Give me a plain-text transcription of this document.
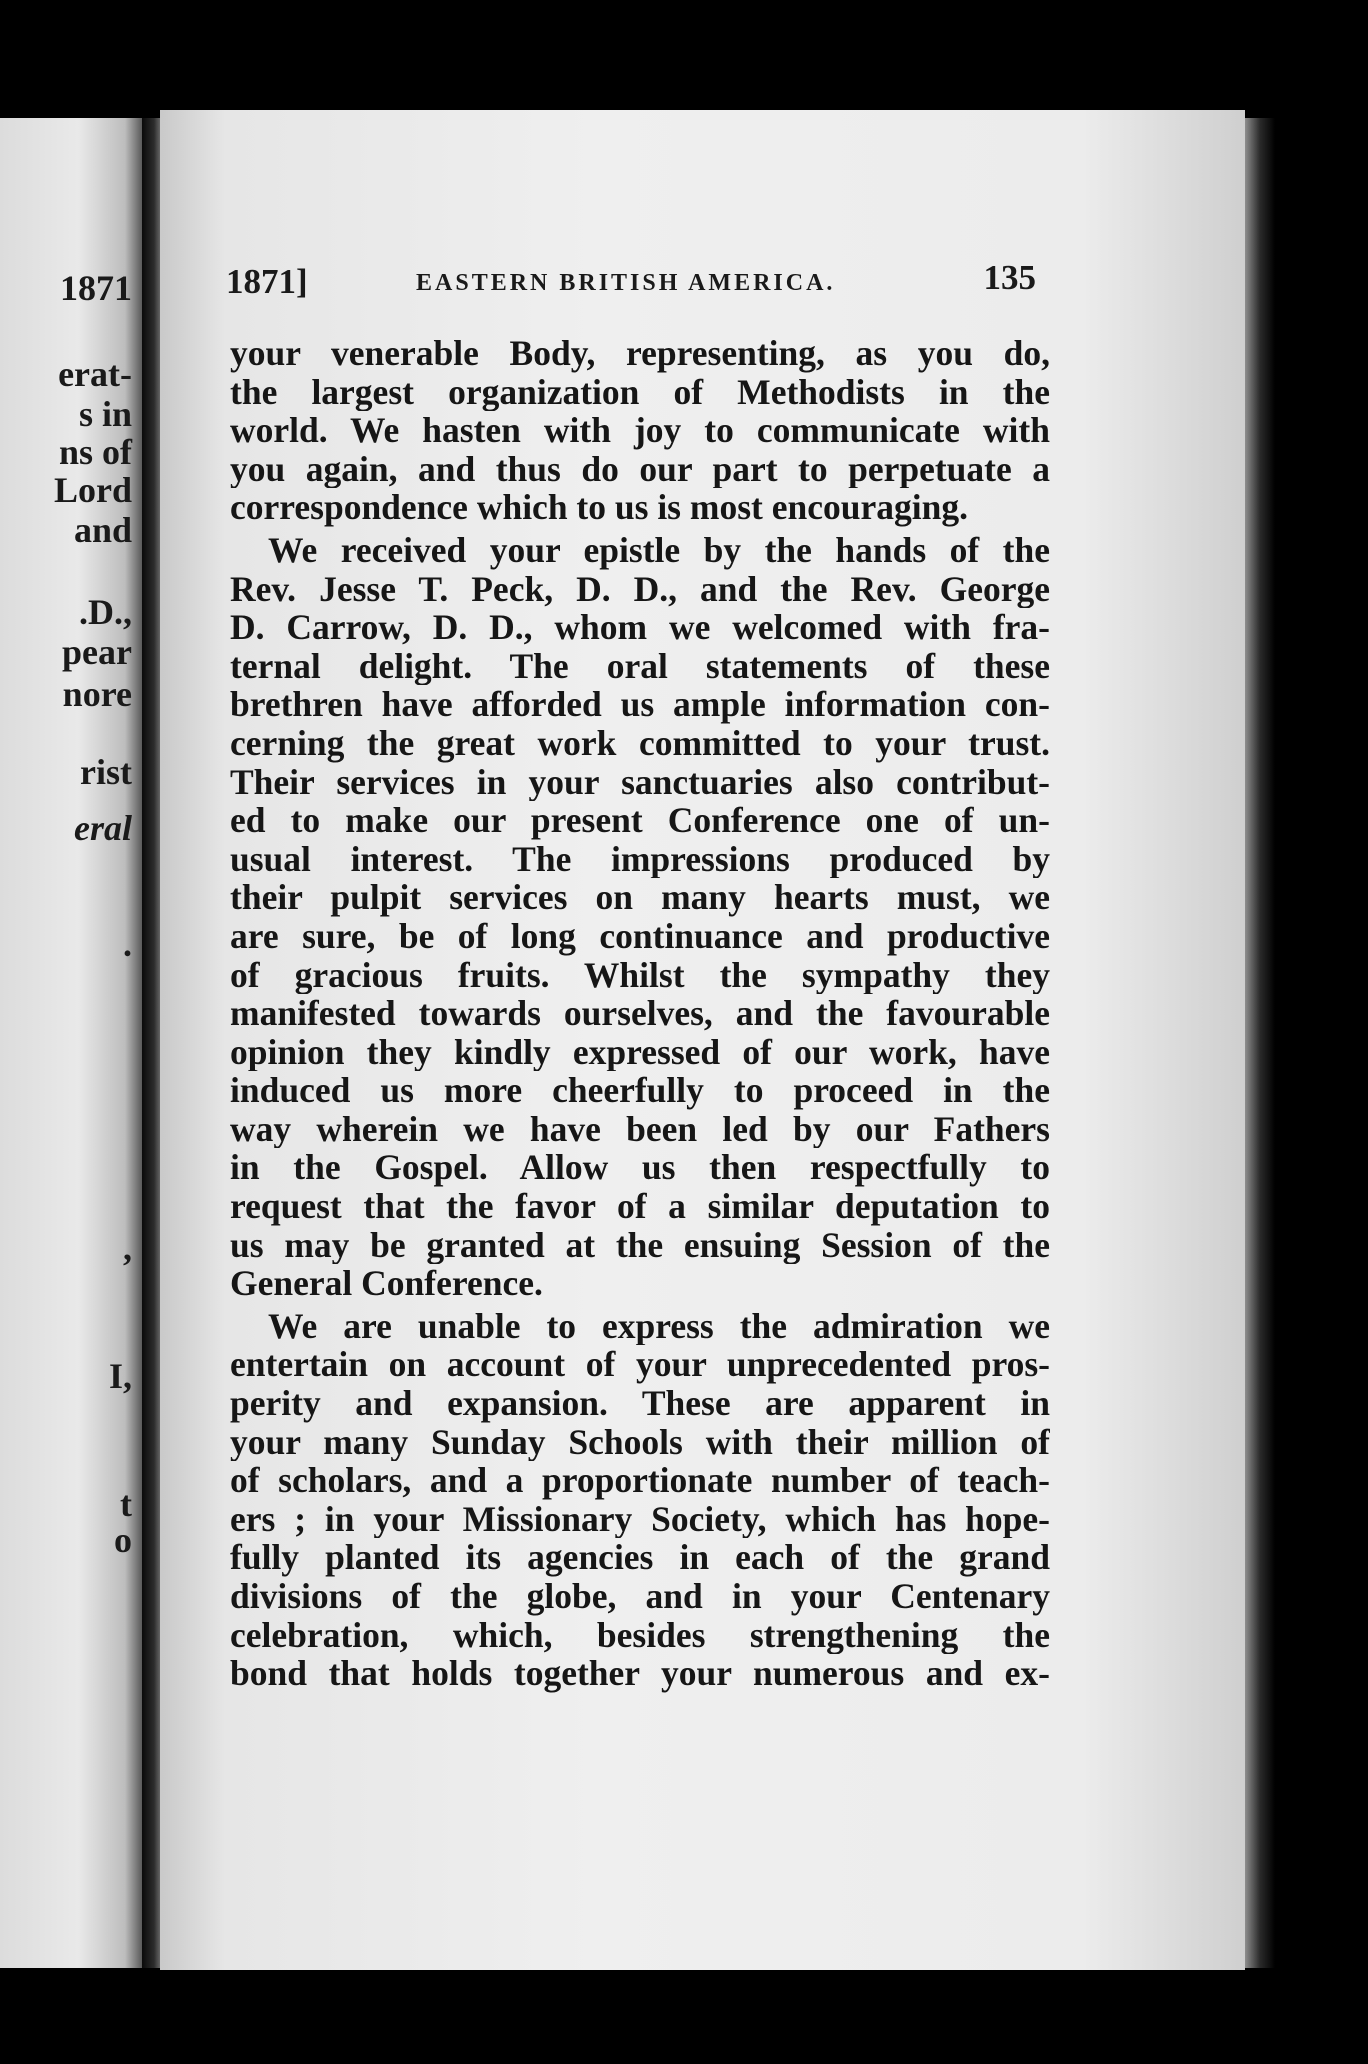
1871
erat-
s in
ns of
Lord
and
.D.,
pear
nore
rist
eral
.
,
I,
t
o
1871]	EASTERN BRITISH AMERICA.	135
your venerable Body, representing, as you do,
the largest organization of Methodists in the
world. We hasten with joy to communicate with
you again, and thus do our part to perpetuate a
correspondence which to us is most encouraging.
We received your epistle by the hands of the
Rev. Jesse T. Peck, D. D., and the Rev. George
D. Carrow, D. D., whom we welcomed with fra-
ternal delight. The oral statements of these
brethren have afforded us ample information con-
cerning the great work committed to your trust.
Their services in your sanctuaries also contribut-
ed to make our present Conference one of un-
usual interest. The impressions produced by
their pulpit services on many hearts must, we
are sure, be of long continuance and productive
of gracious fruits. Whilst the sympathy they
manifested towards ourselves, and the favourable
opinion they kindly expressed of our work, have
induced us more cheerfully to proceed in the
way wherein we have been led by our Fathers
in the Gospel. Allow us then respectfully to
request that the favor of a similar deputation to
us may be granted at the ensuing Session of the
General Conference.
We are unable to express the admiration we
entertain on account of your unprecedented pros-
perity and expansion. These are apparent in
your many Sunday Schools with their million of
of scholars, and a proportionate number of teach-
ers ; in your Missionary Society, which has hope-
fully planted its agencies in each of the grand
divisions of the globe, and in your Centenary
celebration, which, besides strengthening the
bond that holds together your numerous and ex-
